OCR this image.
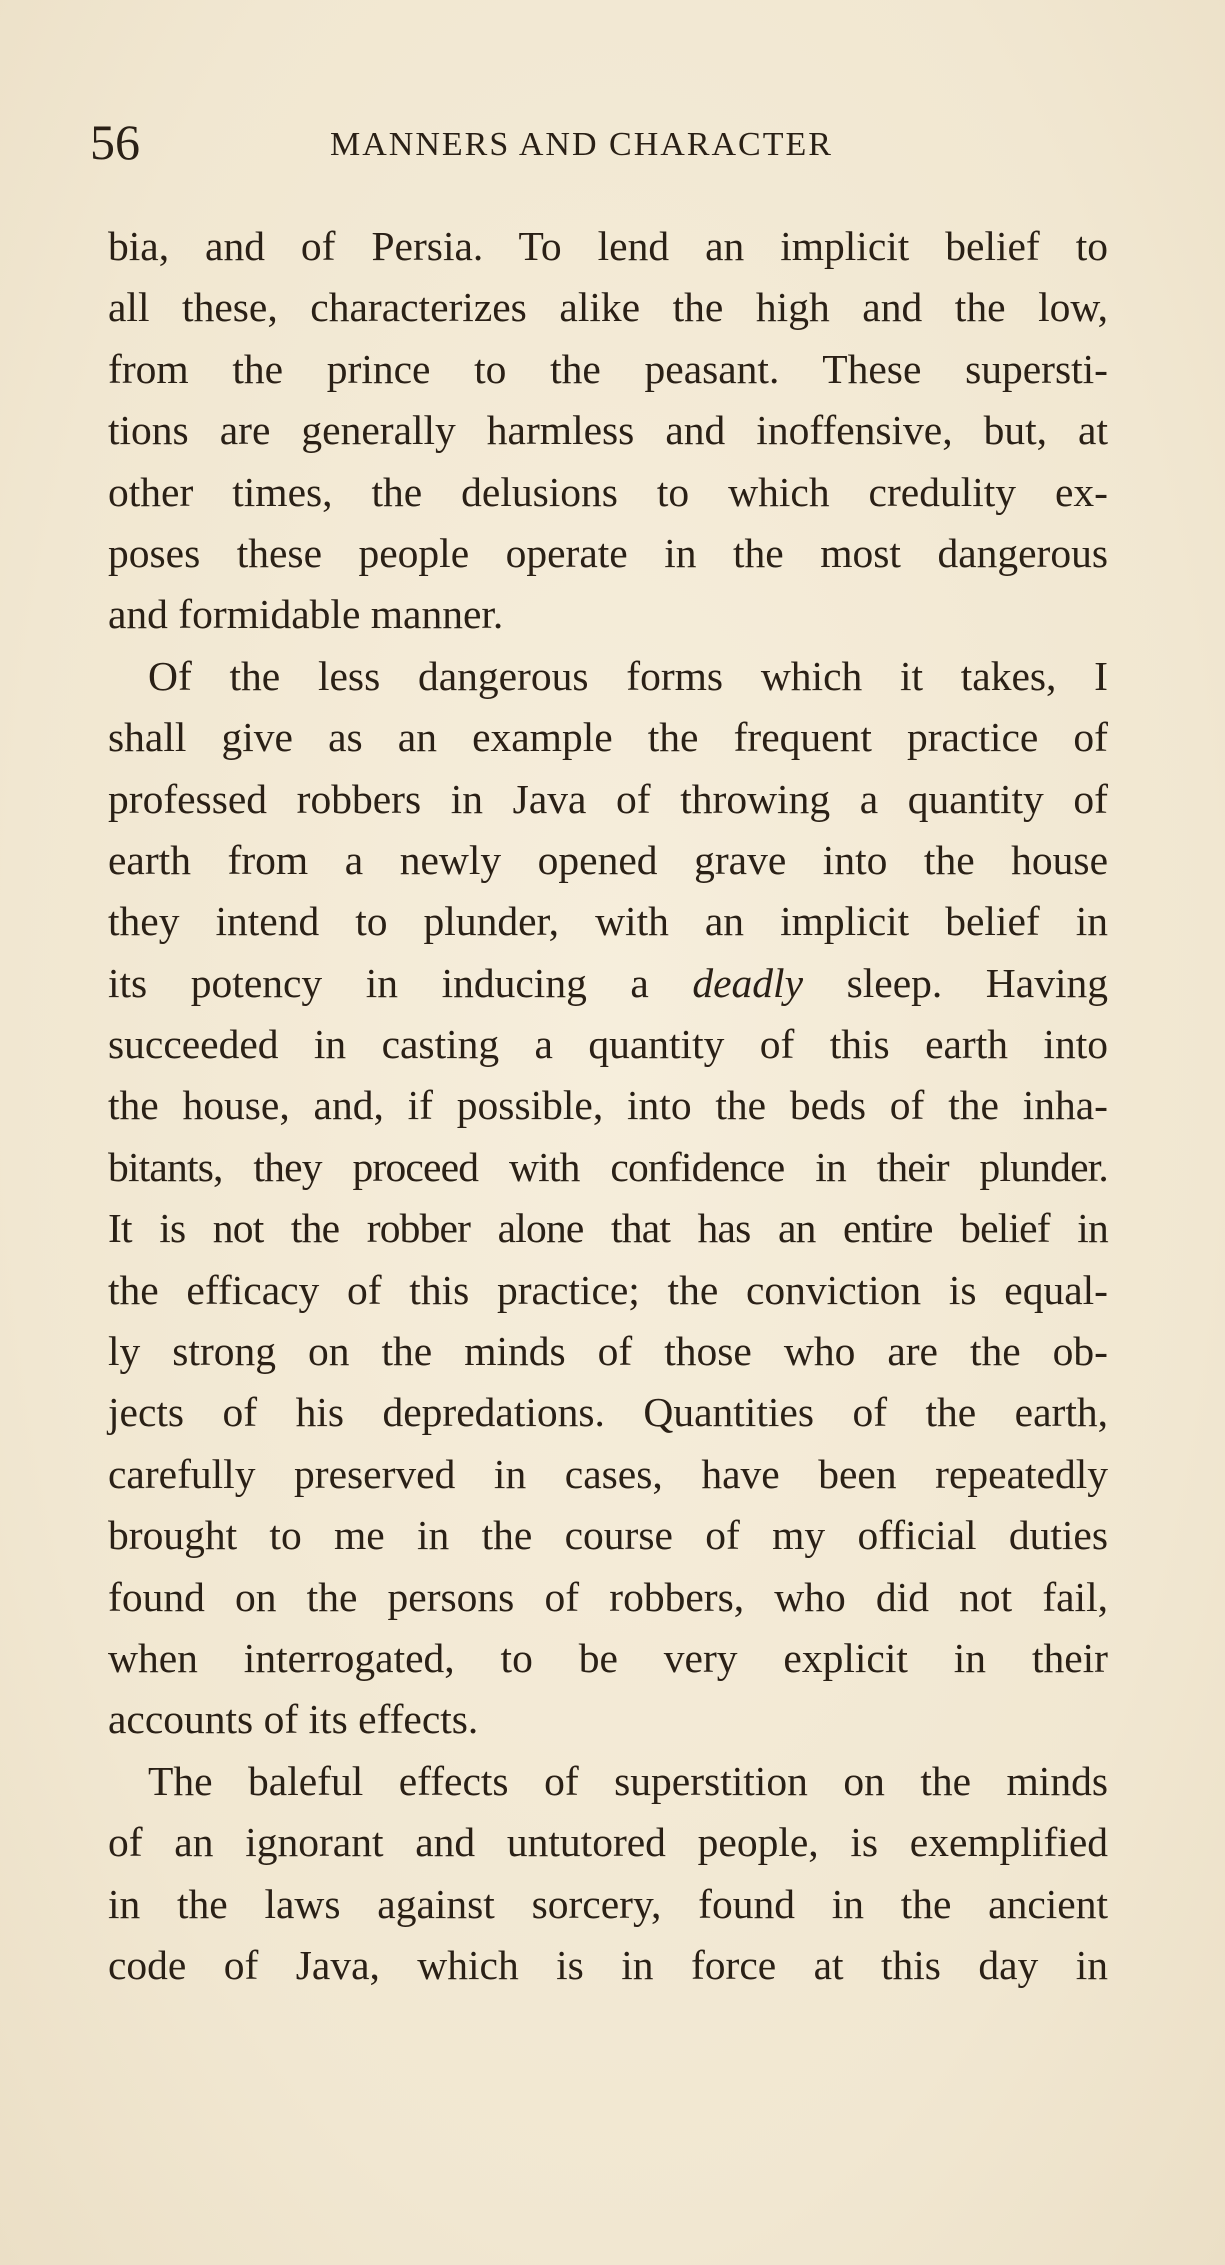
56	MANNERS AND CHARACTER
bia, and of Persia. To lend an implicit belief to
all these, characterizes alike the high and the low,
from the prince to the peasant. These supersti-
tions are generally harmless and inoffensive, but, at
other times, the delusions to which credulity ex-
poses these people operate in the most dangerous
and formidable manner.
Of the less dangerous forms which it takes, I
shall give as an example the frequent practice of
professed robbers in Java of throwing a quantity of
earth from a newly opened grave into the house
they intend to plunder, with an implicit belief in
its potency in inducing a deadly sleep. Having
succeeded in casting a quantity of this earth into
the house, and, if possible, into the beds of the inha-
bitants, they proceed with confidence in their plunder.
It is not the robber alone that has an entire belief in
the efficacy of this practice; the conviction is equal-
ly strong on the minds of those who are the ob-
jects of his depredations. Quantities of the earth,
carefully preserved in cases, have been repeatedly
brought to me in the course of my official duties
found on the persons of robbers, who did not fail,
when interrogated, to be very explicit in their
accounts of its effects.
The baleful effects of superstition on the minds
of an ignorant and untutored people, is exemplified
in the laws against sorcery, found in the ancient
code of Java, which is in force at this day in
